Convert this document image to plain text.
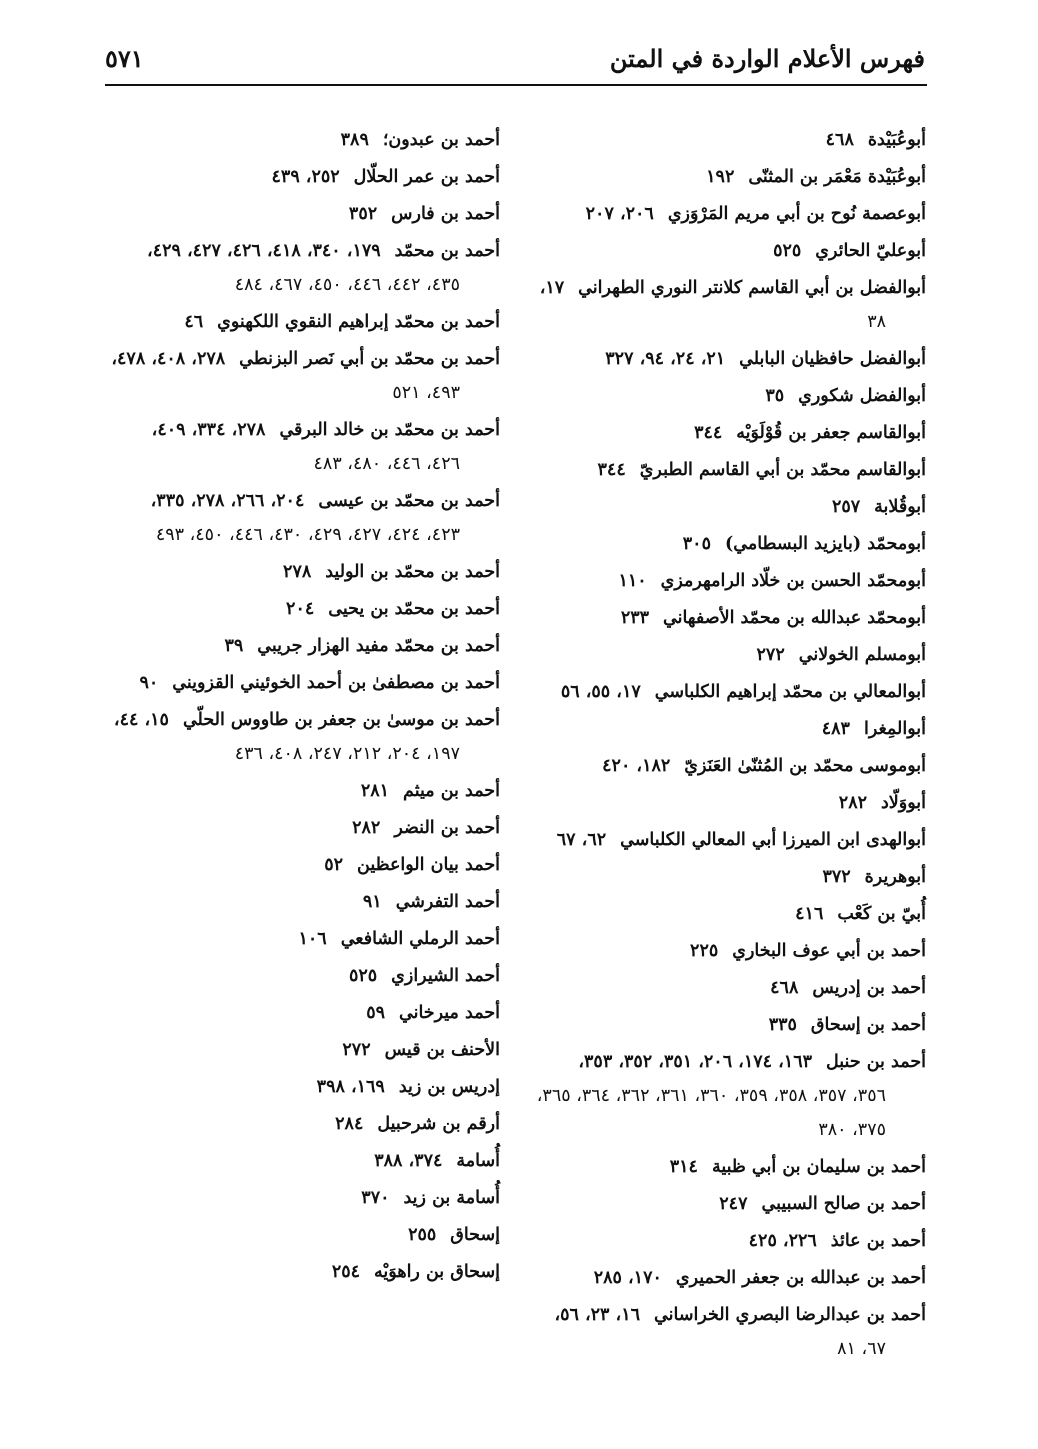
فهرس الأعلام الواردة في المتن
٥٧١
أبوعُبَيْدة٤٦٨
أبوعُبَيْدة مَعْمَر بن المثنّى١٩٢
أبوعصمة نُوح بن أبي مريم المَرْوَزي٢٠٦، ٢٠٧
أبوعليّ الحائري٥٢٥
أبوالفضل بن أبي القاسم كلانتر النوري الطهراني١٧،
٣٨
أبوالفضل حافظيان البابلي٢١، ٢٤، ٩٤، ٣٢٧
أبوالفضل شكوري٣٥
أبوالقاسم جعفر بن قُوْلَوَيْه٣٤٤
أبوالقاسم محمّد بن أبي القاسم الطبريّ٣٤٤
أبوقُلابة٢٥٧
أبومحمّد (بايزيد البسطامي)٣٠٥
أبومحمّد الحسن بن خلّاد الرامهرمزي١١٠
أبومحمّد عبدالله بن محمّد الأصفهاني٢٣٣
أبومسلم الخولاني٢٧٢
أبوالمعالي بن محمّد إبراهيم الكلباسي١٧، ٥٥، ٥٦
أبوالمِغرا٤٨٣
أبوموسى محمّد بن المُثنّىٰ العَنَزيّ١٨٢، ٤٢٠
أبووَلّاد٢٨٢
أبوالهدى ابن الميرزا أبي المعالي الكلباسي٦٢، ٦٧
أبوهريرة٣٧٢
أُبيّ بن كَعْب٤١٦
أحمد بن أبي عوف البخاري٢٢٥
أحمد بن إدريس٤٦٨
أحمد بن إسحاق٣٣٥
أحمد بن حنبل١٦٣، ١٧٤، ٢٠٦، ٣٥١، ٣٥٢، ٣٥٣،
٣٥٦، ٣٥٧، ٣٥٨، ٣٥٩، ٣٦٠، ٣٦١، ٣٦٢، ٣٦٤، ٣٦٥، ٣٧٥، ٣٨٠
أحمد بن سليمان بن أبي ظبية٣١٤
أحمد بن صالح السبيبي٢٤٧
أحمد بن عائذ٢٢٦، ٤٢٥
أحمد بن عبدالله بن جعفر الحميري١٧٠، ٢٨٥
أحمد بن عبدالرضا البصري الخراساني١٦، ٢٣، ٥٦،
٦٧، ٨١
أحمد بن عبدون؛٣٨٩
أحمد بن عمر الحلّال٢٥٢، ٤٣٩
أحمد بن فارس٣٥٢
أحمد بن محمّد١٧٩، ٣٤٠، ٤١٨، ٤٢٦، ٤٢٧، ٤٢٩،
٤٣٥، ٤٤٢، ٤٤٦، ٤٥٠، ٤٦٧، ٤٨٤
أحمد بن محمّد إبراهيم النقوي اللكهنوي٤٦
أحمد بن محمّد بن أبي نَصر البزنطي٢٧٨، ٤٠٨، ٤٧٨،
٤٩٣، ٥٢١
أحمد بن محمّد بن خالد البرقي٢٧٨، ٣٣٤، ٤٠٩،
٤٢٦، ٤٤٦، ٤٨٠، ٤٨٣
أحمد بن محمّد بن عيسى٢٠٤، ٢٦٦، ٢٧٨، ٣٣٥،
٤٢٣، ٤٢٤، ٤٢٧، ٤٢٩، ٤٣٠، ٤٤٦، ٤٥٠، ٤٩٣
أحمد بن محمّد بن الوليد٢٧٨
أحمد بن محمّد بن يحيى٢٠٤
أحمد بن محمّد مفيد الهزار جريبي٣٩
أحمد بن مصطفىٰ بن أحمد الخوئيني القزويني٩٠
أحمد بن موسىٰ بن جعفر بن طاووس الحلّي١٥، ٤٤،
١٩٧، ٢٠٤، ٢١٢، ٢٤٧، ٤٠٨، ٤٣٦
أحمد بن ميثم٢٨١
أحمد بن النضر٢٨٢
أحمد بيان الواعظين٥٢
أحمد التفرشي٩١
أحمد الرملي الشافعي١٠٦
أحمد الشيرازي٥٢٥
أحمد ميرخاني٥٩
الأحنف بن قيس٢٧٢
إدريس بن زيد١٦٩، ٣٩٨
أرقم بن شرحبيل٢٨٤
أُسامة٣٧٤، ٣٨٨
أُسامة بن زيد٣٧٠
إسحاق٢٥٥
إسحاق بن راهوَيْه٢٥٤
